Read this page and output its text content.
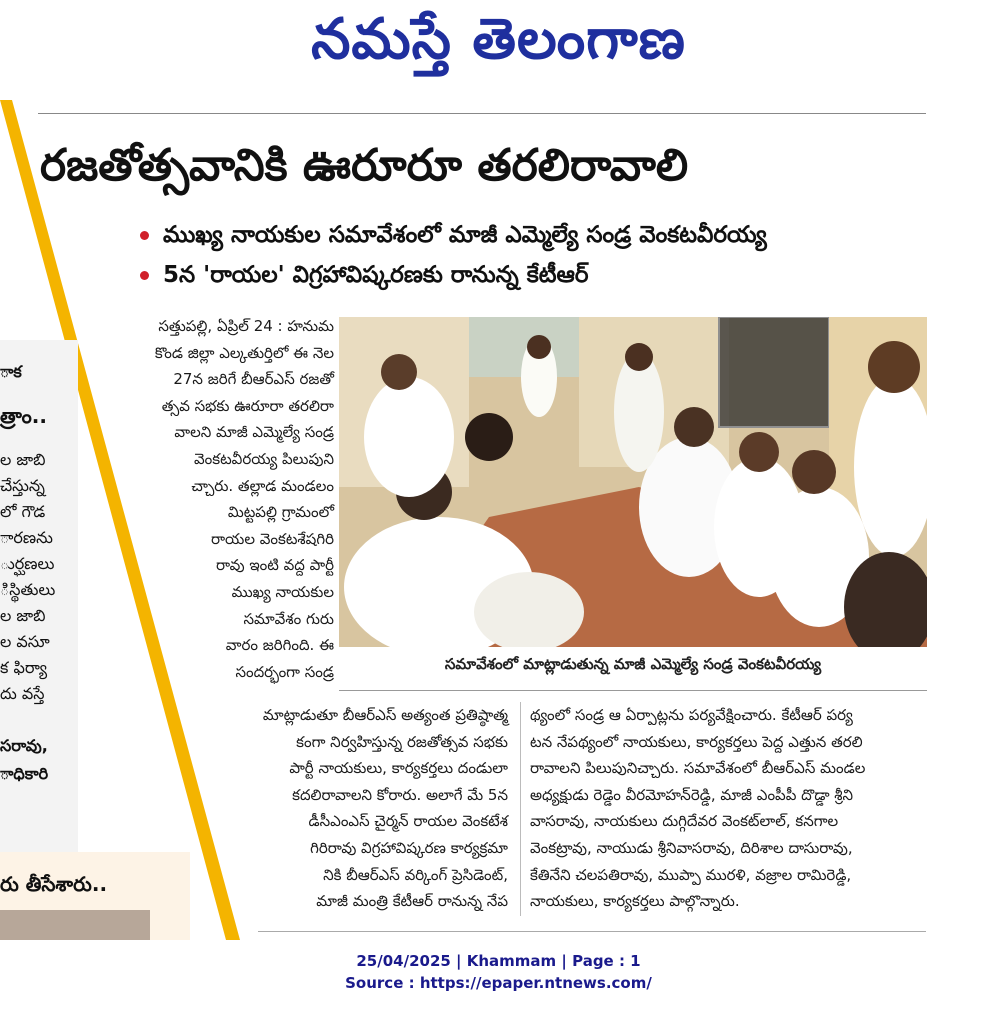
నమస్తే తెలంగాణ
ాక
త్రాం..
ల జాబి
చేస్తున్న
లో గౌడ
ారణను
ుర్ఘణలు
ిస్థితులు
ల జాబి
ల వసూ
క ఫిర్యా
దు వస్తే
సరావు,
ాధికారి
రు తీసేశారు..
రజతోత్సవానికి ఊరూరూ తరలిరావాలి
ముఖ్య నాయకుల సమావేశంలో మాజీ ఎమ్మెల్యే సండ్ర వెంకటవీరయ్య
5న 'రాయల' విగ్రహావిష్కరణకు రానున్న కేటీఆర్
సమావేశంలో మాట్లాడుతున్న మాజీ ఎమ్మెల్యే సండ్ర వెంకటవీరయ్య
సత్తుపల్లి, ఏప్రిల్ 24 : హనుమ
కొండ జిల్లా ఎల్కతుర్తిలో ఈ నెల
27న జరిగే బీఆర్ఎస్ రజతో
త్సవ సభకు ఊరూరా తరలిరా
వాలని మాజీ ఎమ్మెల్యే సండ్ర
వెంకటవీరయ్య పిలుపుని
చ్చారు. తల్లాడ మండలం
మిట్టపల్లి గ్రామంలో
రాయల వెంకటశేషగిరి
రావు ఇంటి వద్ద పార్టీ
ముఖ్య నాయకుల
సమావేశం గురు
వారం జరిగింది. ఈ
సందర్భంగా సండ్ర
మాట్లాడుతూ బీఆర్ఎస్ అత్యంత ప్రతిష్ఠాత్మ
కంగా నిర్వహిస్తున్న రజతోత్సవ సభకు
పార్టీ నాయకులు, కార్యకర్తలు దండులా
కదలిరావాలని కోరారు. అలాగే మే 5న
డీసీఎంఎస్ చైర్మన్ రాయల వెంకటేశ
గిరిరావు విగ్రహావిష్కరణ కార్యక్రమా
నికి బీఆర్ఎస్ వర్కింగ్ ప్రెసిడెంట్,
మాజీ మంత్రి కేటీఆర్ రానున్న నేప
థ్యంలో సండ్ర ఆ ఏర్పాట్లను పర్యవేక్షించారు. కేటీఆర్ పర్య
టన నేపథ్యంలో నాయకులు, కార్యకర్తలు పెద్ద ఎత్తున తరలి
రావాలని పిలుపునిచ్చారు. సమావేశంలో బీఆర్ఎస్ మండల
అధ్యక్షుడు రెడ్డెం వీరమోహన్‌రెడ్డి, మాజీ ఎంపీపీ దొడ్డా శ్రీని
వాసరావు, నాయకులు దుగ్గిదేవర వెంకట్‌లాల్, కనగాల
వెంకట్రావు, నాయుడు శ్రీనివాసరావు, దిరిశాల దాసురావు,
కేతినేని చలపతిరావు, ముప్పా మురళి, వజ్రాల రామిరెడ్డి,
నాయకులు, కార్యకర్తలు పాల్గొన్నారు.
25/04/2025 | Khammam | Page : 1
Source : https://epaper.ntnews.com/
